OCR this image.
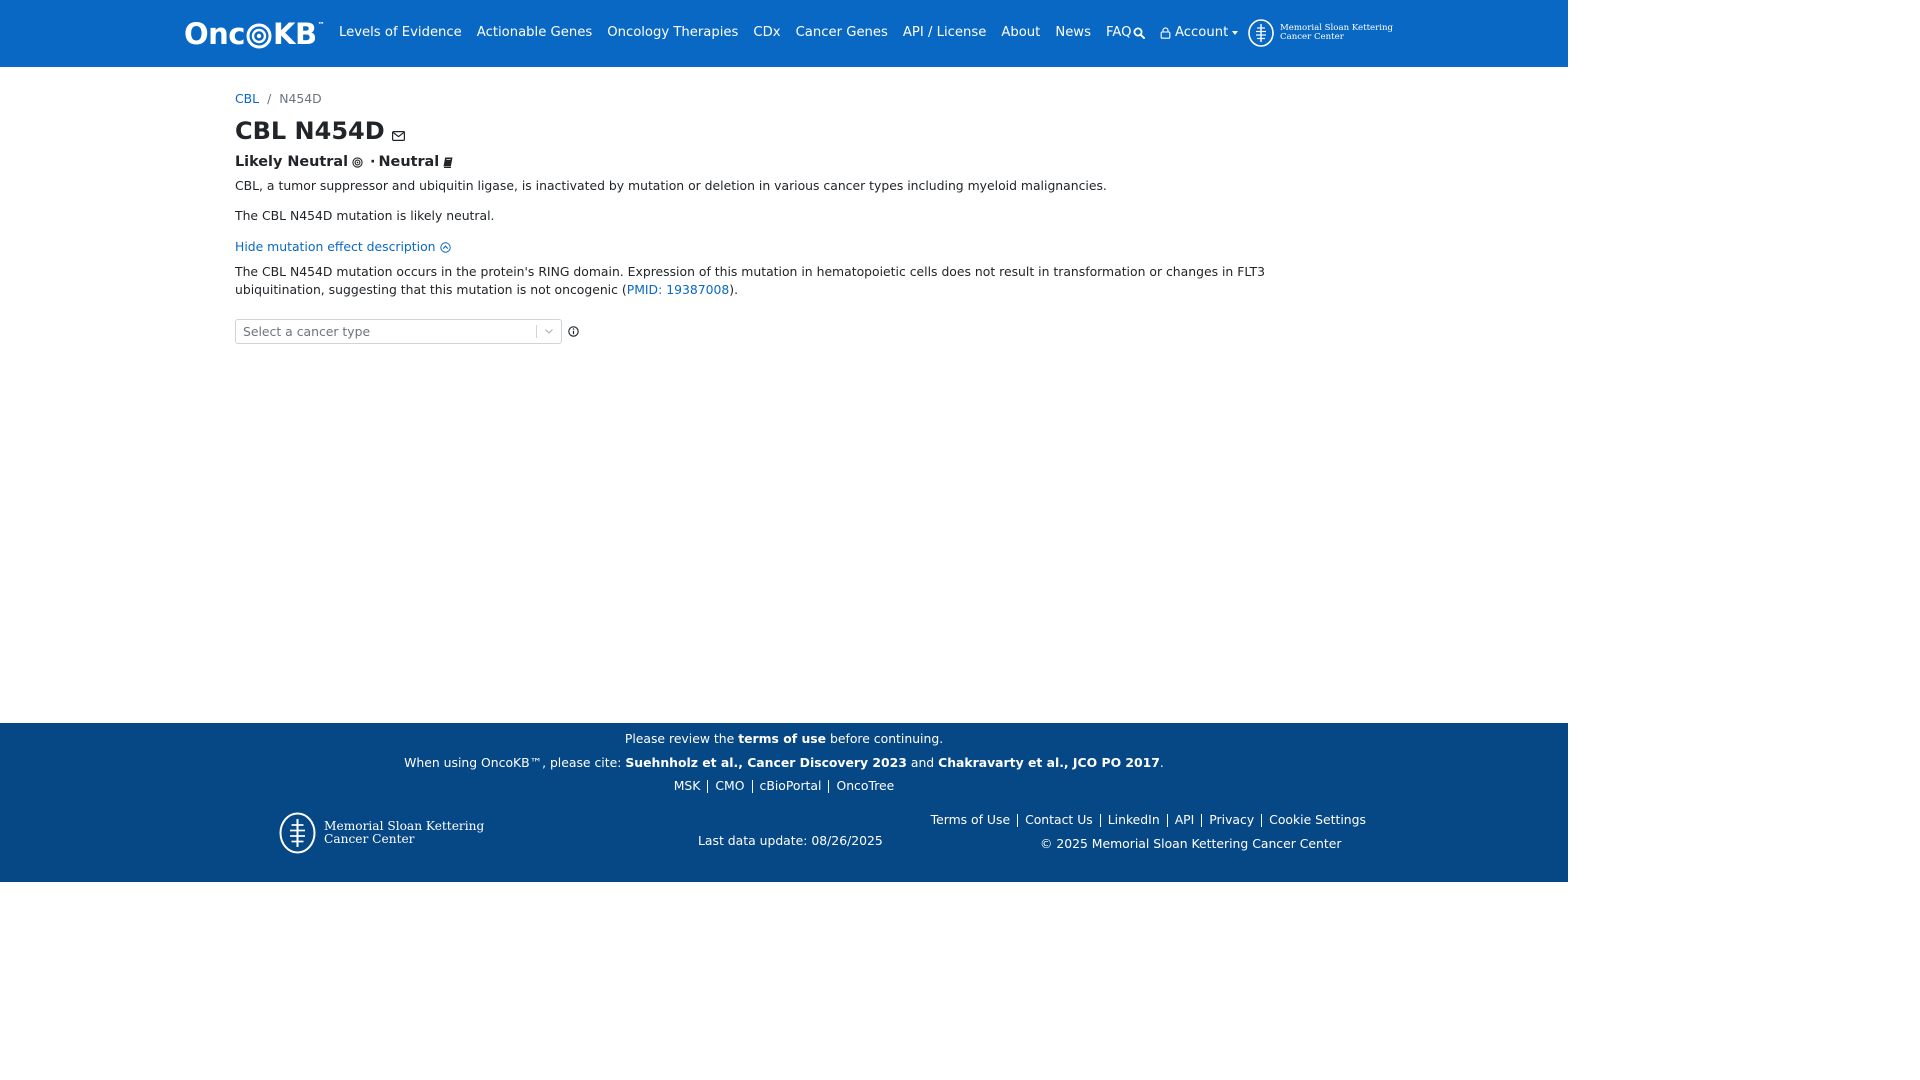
Onc KB ™ Levels of Evidence Actionable Genes Oncology Therapies CDx Cancer Genes API / License About News FAQ	Account	Memorial Sloan Kettering
Cancer Center
CBL / N454D
CBL N454D
Likely Neutral · Neutral

CBL, a tumor suppressor and ubiquitin ligase, is inactivated by mutation or deletion in various cancer types including myeloid malignancies.

The CBL N454D mutation is likely neutral.

Hide mutation effect description

The CBL N454D mutation occurs in the protein's RING domain. Expression of this mutation in hematopoietic cells does not result in transformation or changes in FLT3 ubiquitination, suggesting that this mutation is not oncogenic (PMID: 19387008).

Select a cancer type
Please review the terms of use before continuing.
When using OncoKB™, please cite: Suehnholz et al., Cancer Discovery 2023 and Chakravarty et al., JCO PO 2017.
MSK CMO cBioPortal OncoTree
Memorial Sloan Kettering
Cancer Center	Last data update: 08/26/2025
Terms of Use Contact Us LinkedIn API Privacy Cookie Settings
© 2025 Memorial Sloan Kettering Cancer Center
